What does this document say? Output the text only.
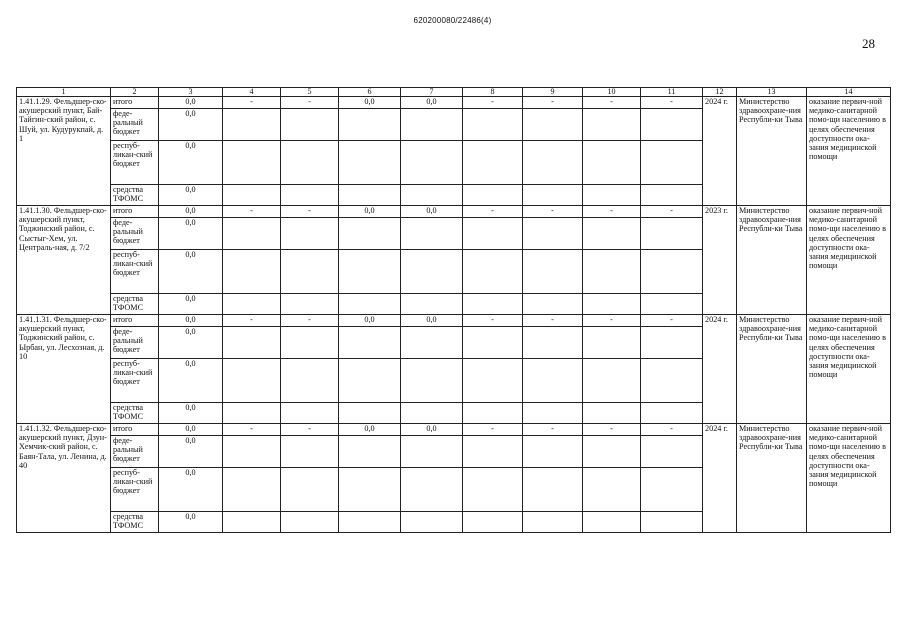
620200080/22486(4)
28
1	2	3	4	5	6	7	8	9	10	11	12	13	14
1.41.1.29. Фельдшер-ско-акушерский пункт, Бай-Тайгин-ский район, с. Шуй, ул. Кудурукпай, д. 1	итого	0,0	-	-	0,0	0,0	-	-	-	-	2024 г.	Министерство здравоохране-ния Республи-ки Тыва	оказание первич-ной медико-санитарной помо-щи населению в целях обеспечения доступности ока-зания медицинской помощи
	феде-ральный бюджет	0,0											
	респуб-ликан-ский бюджет	0,0											
	средства ТФОМС	0,0											
1.41.1.30. Фельдшер-ско-акушерский пункт, Тоджинский район, с. Сыстыг-Хем, ул. Централь-ная, д. 7/2	итого	0,0	-	-	0,0	0,0	-	-	-	-	2023 г.	Министерство здравоохране-ния Республи-ки Тыва	оказание первич-ной медико-санитарной помо-щи населению в целях обеспечения доступности ока-зания медицинской помощи
	феде-ральный бюджет	0,0											
	респуб-ликан-ский бюджет	0,0											
	средства ТФОМС	0,0											
1.41.1.31. Фельдшер-ско-акушерский пункт, Тоджинский район, с. Ырбан, ул. Лесхозная, д. 10	итого	0,0	-	-	0,0	0,0	-	-	-	-	2024 г.	Министерство здравоохране-ния Республи-ки Тыва	оказание первич-ной медико-санитарной помо-щи населению в целях обеспечения доступности ока-зания медицинской помощи
	феде-ральный бюджет	0,0											
	респуб-ликан-ский бюджет	0,0											
	средства ТФОМС	0,0											
1.41.1.32. Фельдшер-ско-акушерский пункт, Дзун-Хемчик-ский район, с. Баян-Тала, ул. Ленина, д. 40	итого	0,0	-	-	0,0	0,0	-	-	-	-	2024 г.	Министерство здравоохране-ния Республи-ки Тыва	оказание первич-ной медико-санитарной помо-щи населению в целях обеспечения доступности ока-зания медицинской помощи
	феде-ральный бюджет	0,0											
	респуб-ликан-ский бюджет	0,0											
	средства ТФОМС	0,0											
